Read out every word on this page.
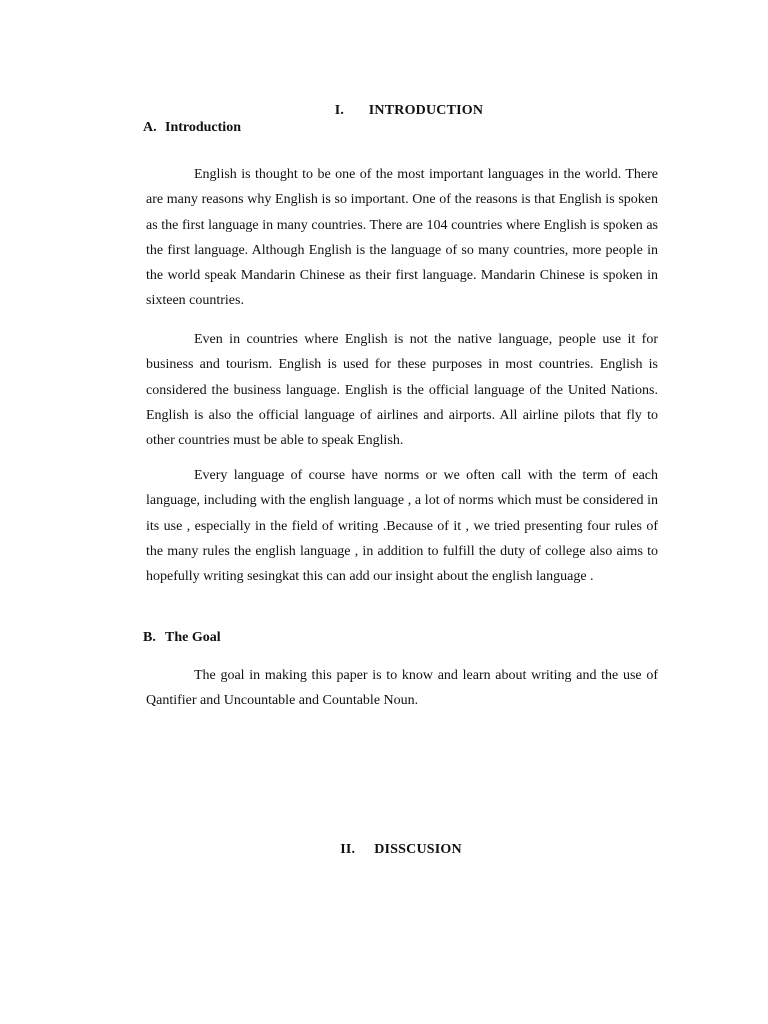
I. INTRODUCTION
A. Introduction

English is thought to be one of the most important languages in the world. There are many reasons why English is so important. One of the reasons is that English is spoken as the first language in many countries. There are 104 countries where English is spoken as the first language. Although English is the language of so many countries, more people in the world speak Mandarin Chinese as their first language. Mandarin Chinese is spoken in sixteen countries.

Even in countries where English is not the native language, people use it for business and tourism. English is used for these purposes in most countries. English is considered the business language. English is the official language of the United Nations. English is also the official language of airlines and airports. All airline pilots that fly to other countries must be able to speak English.

Every language of course have norms or we often call with the term of each language, including with the english language , a lot of norms which must be considered in its use , especially in the field of writing .Because of it , we tried presenting four rules of the many rules the english language , in addition to fulfill the duty of college also aims to hopefully writing sesingkat this can add our insight about the english language .

B. The Goal

The goal in making this paper is to know and learn about writing and the use of Qantifier and Uncountable and Countable Noun.

II. DISSCUSION
